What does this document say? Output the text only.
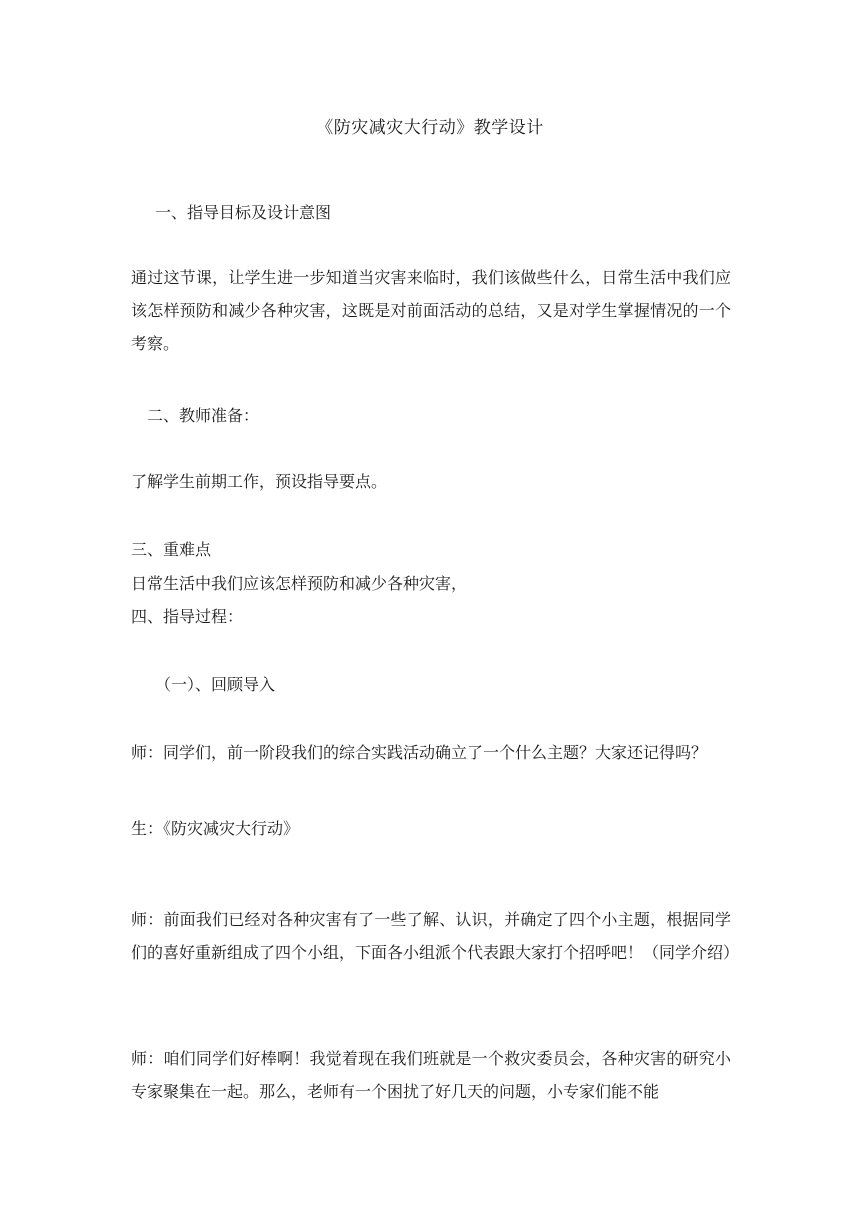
《防灾减灾大行动》教学设计
一、指导目标及设计意图
通过这节课，让学生进一步知道当灾害来临时，我们该做些什么，日常生活中我们应该怎样预防和减少各种灾害，这既是对前面活动的总结，又是对学生掌握情况的一个考察。
二、教师准备：
了解学生前期工作，预设指导要点。
三、重难点
日常生活中我们应该怎样预防和减少各种灾害，
四、指导过程：
（一）、回顾导入
师：同学们，前一阶段我们的综合实践活动确立了一个什么主题？大家还记得吗？
生：《防灾减灾大行动》
师：前面我们已经对各种灾害有了一些了解、认识，并确定了四个小主题，根据同学们的喜好重新组成了四个小组，下面各小组派个代表跟大家打个招呼吧！（同学介绍）
师：咱们同学们好棒啊！我觉着现在我们班就是一个救灾委员会，各种灾害的研究小专家聚集在一起。那么，老师有一个困扰了好几天的问题，小专家们能不能
